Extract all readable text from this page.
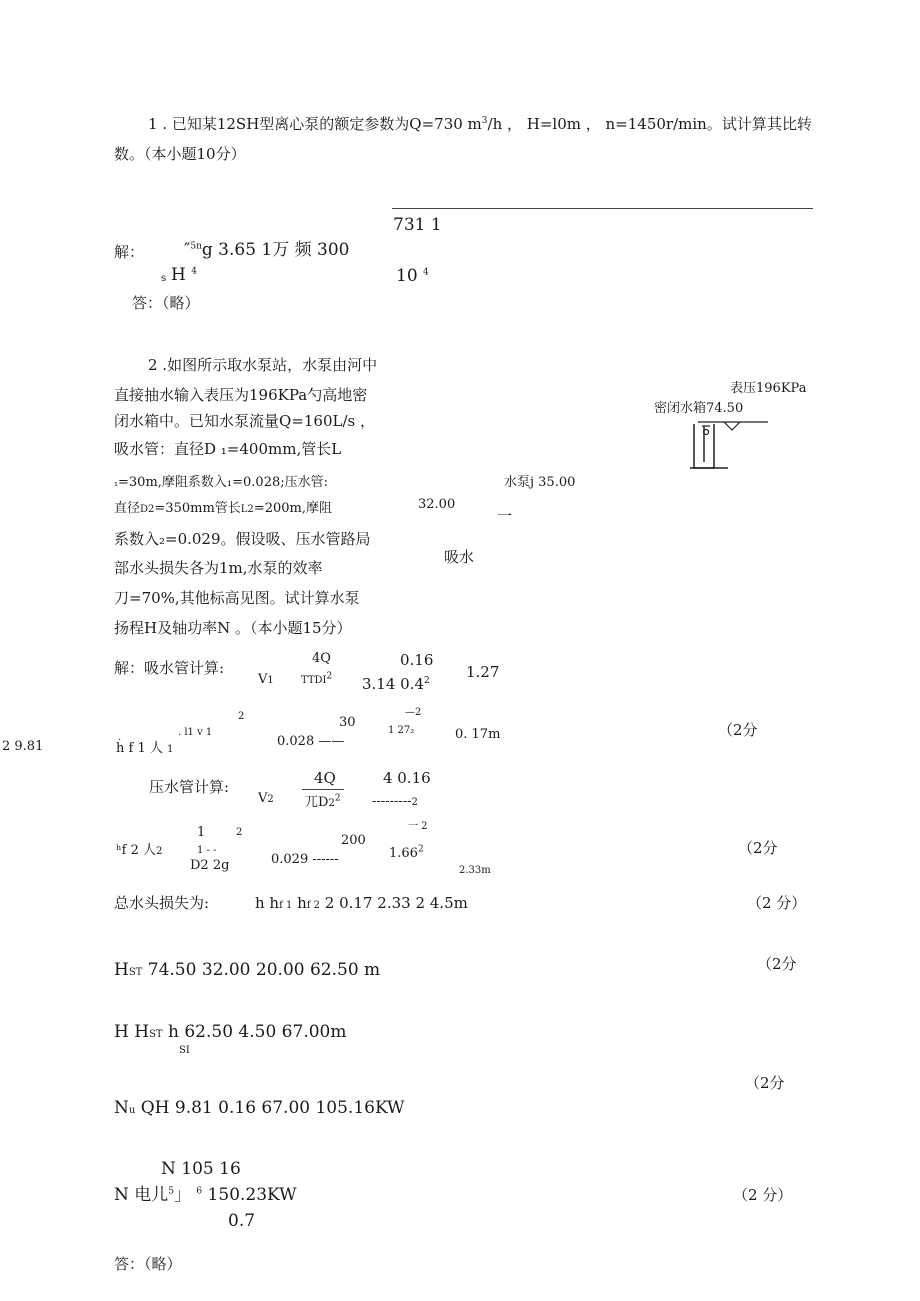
1 . 已知某12SH型离心泵的额定参数为Q=730 $m^3/h$ ， H=l0m ， n=1450r/min。试计算其比转
数。（本小题10分）
731 1
解： ″$^{5n}$g 3.65 1万 频 300
s H $^4$	10 $^4$
答：（略）
2 .如图所示取水泵站，水泵由河中
直接抽水输入表压为196KPa勺高地密
闭水箱中。已知水泵流量Q=160L/s ，
吸水管：直径D ₁=400mm,管长L
₁=30m,摩阻系数入₁=0.028;压水管:
直径D2=350mm管长L2=200m,摩阻
系数入₂=0.029。假设吸、压水管路局
部水头损失各为1m,水泵的效率
刀=70%,其他标高见图。试计算水泵
扬程H及轴功率N 。（本小题15分）
表压196KPa
密闭水箱74.50
水泵j 35.00
32.00
一
吸水
解：吸水管计算:
4Q
V1	TTDI$^2$
0.16
3.14 $0.4^2$ 1.27
.	. l1 v 1
2
h f 1 人 1
30
0.028 ——
—2
1 27₂	0. 17m
2 9.81
（2分
压水管计算:	4Q
V2 兀$D2^2$
4 0.16
---------2
1	2
1 - -
ʰf 2 人2
D2 2g
200
0.029 ------
一 2
1.66$^2$
2.33m
（2分
总水头损失为:	h hf 1 hf 2 2 0.17 2.33 2 4.5m	（2 分）
HST 74.50 32.00 20.00 62.50 m	（2分
H HST h 62.50 4.50 67.00m
SI
（2分
Nu QH 9.81 0.16 67.00 105.16KW
N 105 16
N 电儿$^5$」 $^6$ 150.23KW
0.7
（2 分）
答：（略）
